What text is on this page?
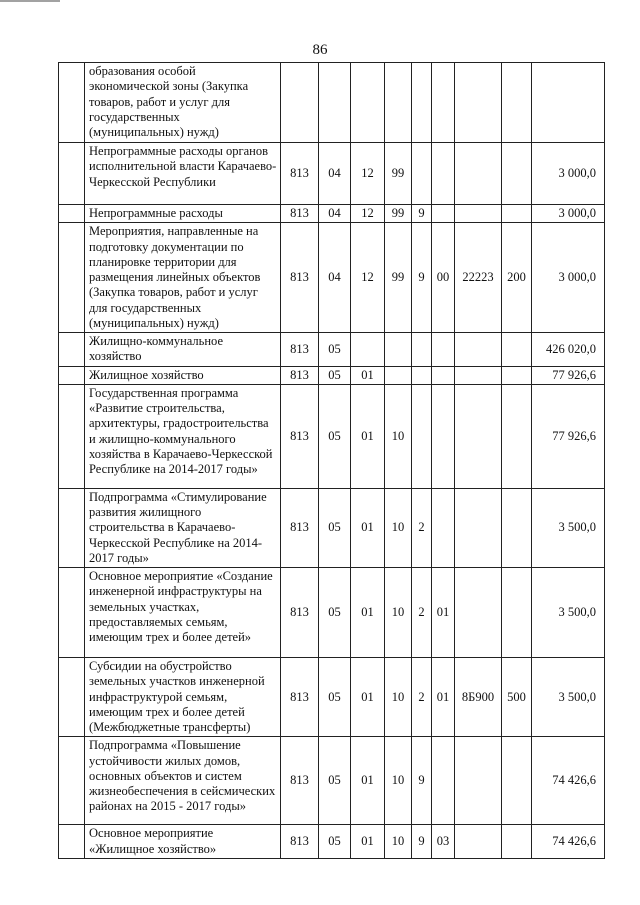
86
	образования особой экономической зоны (Закупка товаров, работ и услуг для государственных (муниципальных) нужд)									
	Непрограммные расходы органов исполнительной власти Карачаево-Черкесской Республики	813	04	12	99					3 000,0
	Непрограммные расходы	813	04	12	99	9				3 000,0
	Мероприятия, направленные на подготовку документации по планировке территории для размещения линейных объектов (Закупка товаров, работ и услуг для государственных (муниципальных) нужд)	813	04	12	99	9	00	22223	200	3 000,0
	Жилищно-коммунальное хозяйство	813	05							426 020,0
	Жилищное хозяйство	813	05	01						77 926,6
	Государственная программа «Развитие строительства, архитектуры, градостроительства и жилищно-коммунального хозяйства в Карачаево-Черкесской Республике на 2014-2017 годы»	813	05	01	10					77 926,6
	Подпрограмма «Стимулирование развития жилищного строительства в Карачаево-Черкесской Республике на 2014-2017 годы»	813	05	01	10	2				3 500,0
	Основное мероприятие «Создание инженерной инфраструктуры на земельных участках, предоставляемых семьям, имеющим трех и более детей»	813	05	01	10	2	01			3 500,0
	Субсидии на обустройство земельных участков инженерной инфраструктурой семьям, имеющим трех и более детей (Межбюджетные трансферты)	813	05	01	10	2	01	8Б900	500	3 500,0
	Подпрограмма «Повышение устойчивости жилых домов, основных объектов и систем жизнеобеспечения в сейсмических районах на 2015 - 2017 годы»	813	05	01	10	9				74 426,6
	Основное мероприятие «Жилищное хозяйство»	813	05	01	10	9	03			74 426,6
